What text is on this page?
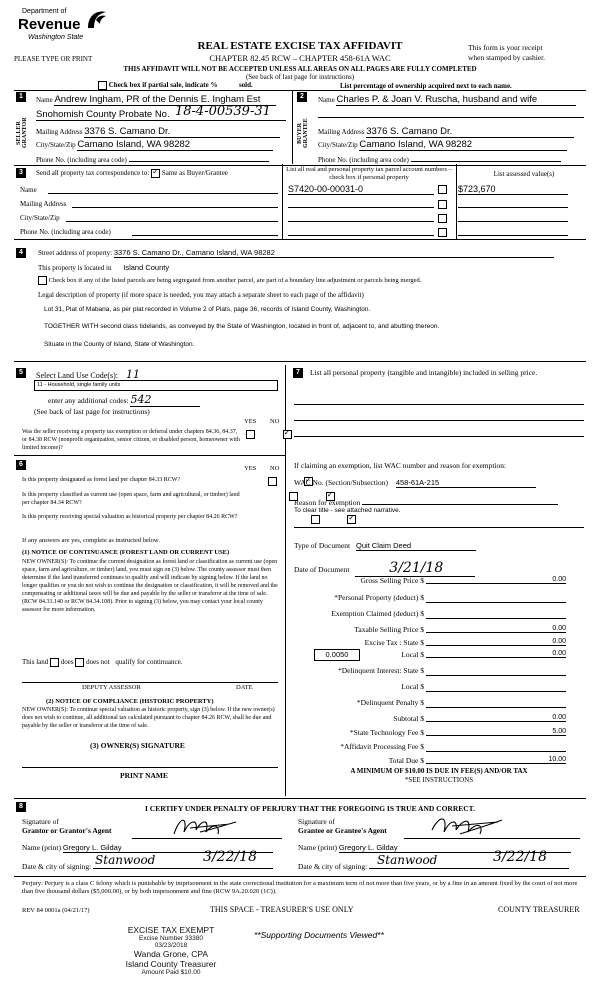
Department of
Revenue
Washington State
PLEASE TYPE OR PRINT
REAL ESTATE EXCISE TAX AFFIDAVIT
CHAPTER 82.45 RCW – CHAPTER 458-61A WAC
This form is your receipt
when stamped by cashier.
THIS AFFIDAVIT WILL NOT BE ACCEPTED UNLESS ALL AREAS ON ALL PAGES ARE FULLY COMPLETED
(See back of last page for instructions)
Check box if partial sale, indicate %	sold.	List percentage of ownership acquired next to each name.
1
SELLER GRANTOR
Name Andrew Ingham, PR of the Dennis E. Ingham Est
Snohomish County Probate No. 18-4-00539-31
Mailing Address 3376 S. Camano Dr.
City/State/Zip Camano Island, WA 98282
Phone No. (including area code)
2
BUYER GRANTEE
Name Charles P. & Joan V. Ruscha, husband and wife
Mailing Address 3376 S. Camano Dr.
City/State/Zip Camano Island, WA 98282
Phone No. (including area code)
3	Send all property tax correspondence to: ✓ Same as Buyer/Grantee
Name
Mailing Address
City/State/Zip
Phone No. (including area code)
List all real and personal property tax parcel account numbers – check box if personal property	List assessed value(s)
S7420-00-00031-0	$723,670
4	Street address of property: 3376 S. Camano Dr., Camano Island, WA 98282
This property is located in Island County
Check box if any of the listed parcels are being segregated from another parcel, are part of a boundary line adjustment or parcels being merged.
Legal description of property (if more space is needed, you may attach a separate sheet to each page of the affidavit)
Lot 31, Plat of Mabana, as per plat recorded in Volume 2 of Plats, page 36, records of Island County, Washington.
TOGETHER WITH second class tidelands, as conveyed by the State of Washington, located in front of, adjacent to, and abutting thereon.
Situate in the County of Island, State of Washington.
5	Select Land Use Code(s): 11
11 - Household, single family units
enter any additional codes: 542
(See back of last page for instructions)
YES NO
Was the seller receiving a property tax exemption or deferral under chapters 84.36, 84.37, or 84.38 RCW (nonprofit organization, senior citizen, or disabled person, homeowner with limited income)?
✓
6
YES NO
Is this property designated as forest land per chapter 84.33 RCW?
✓
Is this property classified as current use (open space, farm and agricultural, or timber) land per chapter 84.34 RCW?
✓
Is this property receiving special valuation as historical property per chapter 84.26 RCW?
✓
If any answers are yes, complete as instructed below.
(1) NOTICE OF CONTINUANCE (FOREST LAND OR CURRENT USE)
NEW OWNER(S): To continue the current designation as forest land or classification as current use (open space, farm and agriculture, or timber) land, you must sign on (3) below. The county assessor must then determine if the land transferred continues to qualify and will indicate by signing below. If the land no longer qualifies or you do not wish to continue the designation or classification, it will be removed and the compensating or additional taxes will be due and payable by the seller or transferor at the time of sale. (RCW 84.33.140 or RCW 84.34.108). Prior to signing (3) below, you may contact your local county assessor for more information.
This land does does not qualify for continuance.
DEPUTY ASSESSOR	DATE
(2) NOTICE OF COMPLIANCE (HISTORIC PROPERTY)
NEW OWNER(S): To continue special valuation as historic property, sign (3) below. If the new owner(s) does not wish to continue, all additional tax calculated pursuant to chapter 84.26 RCW, shall be due and payable by the seller or transferor at the time of sale.
(3) OWNER(S) SIGNATURE
PRINT NAME
7	List all personal property (tangible and intangible) included in selling price.
If claiming an exemption, list WAC number and reason for exemption:
WAC No. (Section/Subsection) 458-61A-215
Reason for exemption
To clear title - see attached narrative.
Type of Document Quit Claim Deed
Date of Document	3/21/18
Gross Selling Price $	0.00
*Personal Property (deduct) $
Exemption Claimed (deduct) $
Taxable Selling Price $	0.00
Excise Tax : State $	0.00
0.0050	Local $	0.00
*Delinquent Interest: State $
Local $
*Delinquent Penalty $
Subtotal $	0.00
*State Technology Fee $	5.00
*Affidavit Processing Fee $
Total Due $	10.00
A MINIMUM OF $10.00 IS DUE IN FEE(S) AND/OR TAX
*SEE INSTRUCTIONS
8	I CERTIFY UNDER PENALTY OF PERJURY THAT THE FOREGOING IS TRUE AND CORRECT.
Signature of
Grantor or Grantor's Agent
Name (print) Gregory L. Gilday
Date & city of signing: Stanwood	3/22/18
Signature of
Grantee or Grantee's Agent
Name (print) Gregory L. Gilday
Date & city of signing: Stanwood	3/22/18
Perjury: Perjury is a class C felony which is punishable by imprisonment in the state correctional institution for a maximum term of not more than five years, or by a fine in an amount fixed by the court of not more than five thousand dollars ($5,000.00), or by both imprisonment and fine (RCW 9A.20.020 (1C)).
REV 84 0001a (04/21/17)	THIS SPACE - TREASURER'S USE ONLY	COUNTY TREASURER
EXCISE TAX EXEMPT
Excise Number 33380
03/23/2018
Wanda Grone, CPA
Island County Treasurer
Amount Paid $10.00
**Supporting Documents Viewed**
